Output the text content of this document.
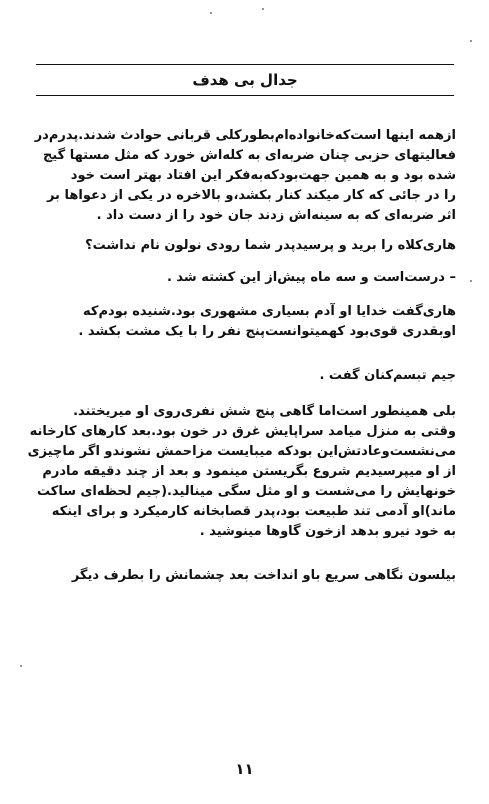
جدال بی هدف
ازهمه اینها است‌که‌خانواده‌ام‌بطورکلی قربانی حوادث شدند.پدرم‌در
فعالیتهای حزبی چنان ضربه‌ای به کله‌اش خورد که مثل مستها گیج
شده بود و به همین جهت‌بود‌که‌به‌فکر این افتاد بهتر است خود
را در جائی که کار میکند کنار بکشد،و بالاخره در یکی از دعواها بر
اثر ضربه‌ای که به سینه‌اش زدند جان خود را از دست داد .
هاری‌کلاه‌ را بر‌ید و پرسید‌پدر شما رودی نولون نام نداشت؟
– درست‌است و سه ماه پیش‌از این کشته شد .
هاری‌گفت خدایا او آدم بسیاری مشهوری بود.شنیده بودم‌که
اوبقدری قوی‌بود کهمیتوانست‌پنج نفر را با یک مشت بکشد .
جیم تبسم‌کنان گفت .
بلی همینطور است‌اما گاهی پنج شش نفری‌روی او میریختند.
وقتی به منزل میامد سراپایش غرق در خون بود.بعد کارهای کارخانه
می‌نشست‌وعادتش‌این بود‌که میبایست مزاحمش نشوند‌و اگر ماچیزی
از او میپرسیدیم شروع بگریستن مینمود و بعد از چند دقیقه مادرم
خونهایش را می‌شست و او مثل سگی مینالید.(جیم لحظه‌ای ساکت
ماند)او آدمی تند طبیعت بود،پدر قصابخانه کارمیکرد و برای اینکه
به خود نیرو بدهد ازخون گاوها مینوشید .
بیلسون نگاهی سریع باو انداخت بعد چشمانش را بطرف دیگر
۱۱
